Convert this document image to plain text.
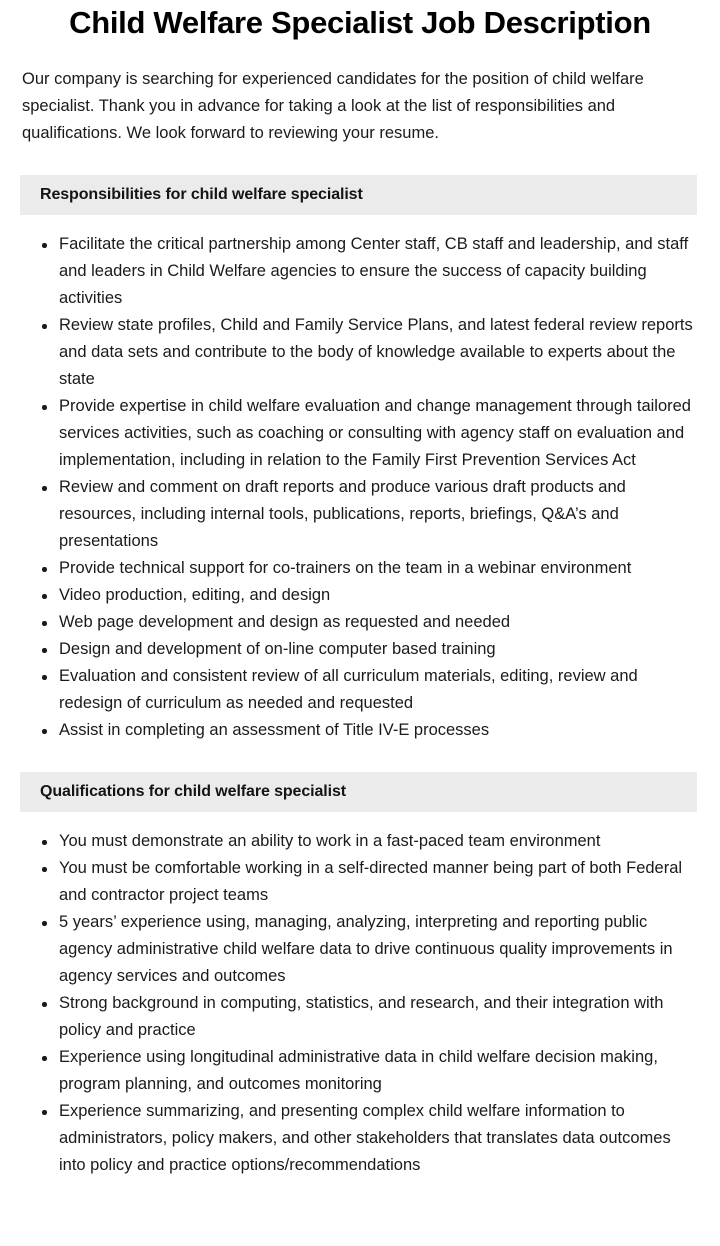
Child Welfare Specialist Job Description

Our company is searching for experienced candidates for the position of child welfare specialist. Thank you in advance for taking a look at the list of responsibilities and qualifications. We look forward to reviewing your resume.

Responsibilities for child welfare specialist
Facilitate the critical partnership among Center staff, CB staff and leadership, and staff and leaders in Child Welfare agencies to ensure the success of capacity building activities
Review state profiles, Child and Family Service Plans, and latest federal review reports and data sets and contribute to the body of knowledge available to experts about the state
Provide expertise in child welfare evaluation and change management through tailored services activities, such as coaching or consulting with agency staff on evaluation and implementation, including in relation to the Family First Prevention Services Act
Review and comment on draft reports and produce various draft products and resources, including internal tools, publications, reports, briefings, Q&A’s and presentations
Provide technical support for co-trainers on the team in a webinar environment
Video production, editing, and design
Web page development and design as requested and needed
Design and development of on-line computer based training
Evaluation and consistent review of all curriculum materials, editing, review and redesign of curriculum as needed and requested
Assist in completing an assessment of Title IV-E processes
Qualifications for child welfare specialist
You must demonstrate an ability to work in a fast-paced team environment
You must be comfortable working in a self-directed manner being part of both Federal and contractor project teams
5 years’ experience using, managing, analyzing, interpreting and reporting public agency administrative child welfare data to drive continuous quality improvements in agency services and outcomes
Strong background in computing, statistics, and research, and their integration with policy and practice
Experience using longitudinal administrative data in child welfare decision making, program planning, and outcomes monitoring
Experience summarizing, and presenting complex child welfare information to administrators, policy makers, and other stakeholders that translates data outcomes into policy and practice options/recommendations
